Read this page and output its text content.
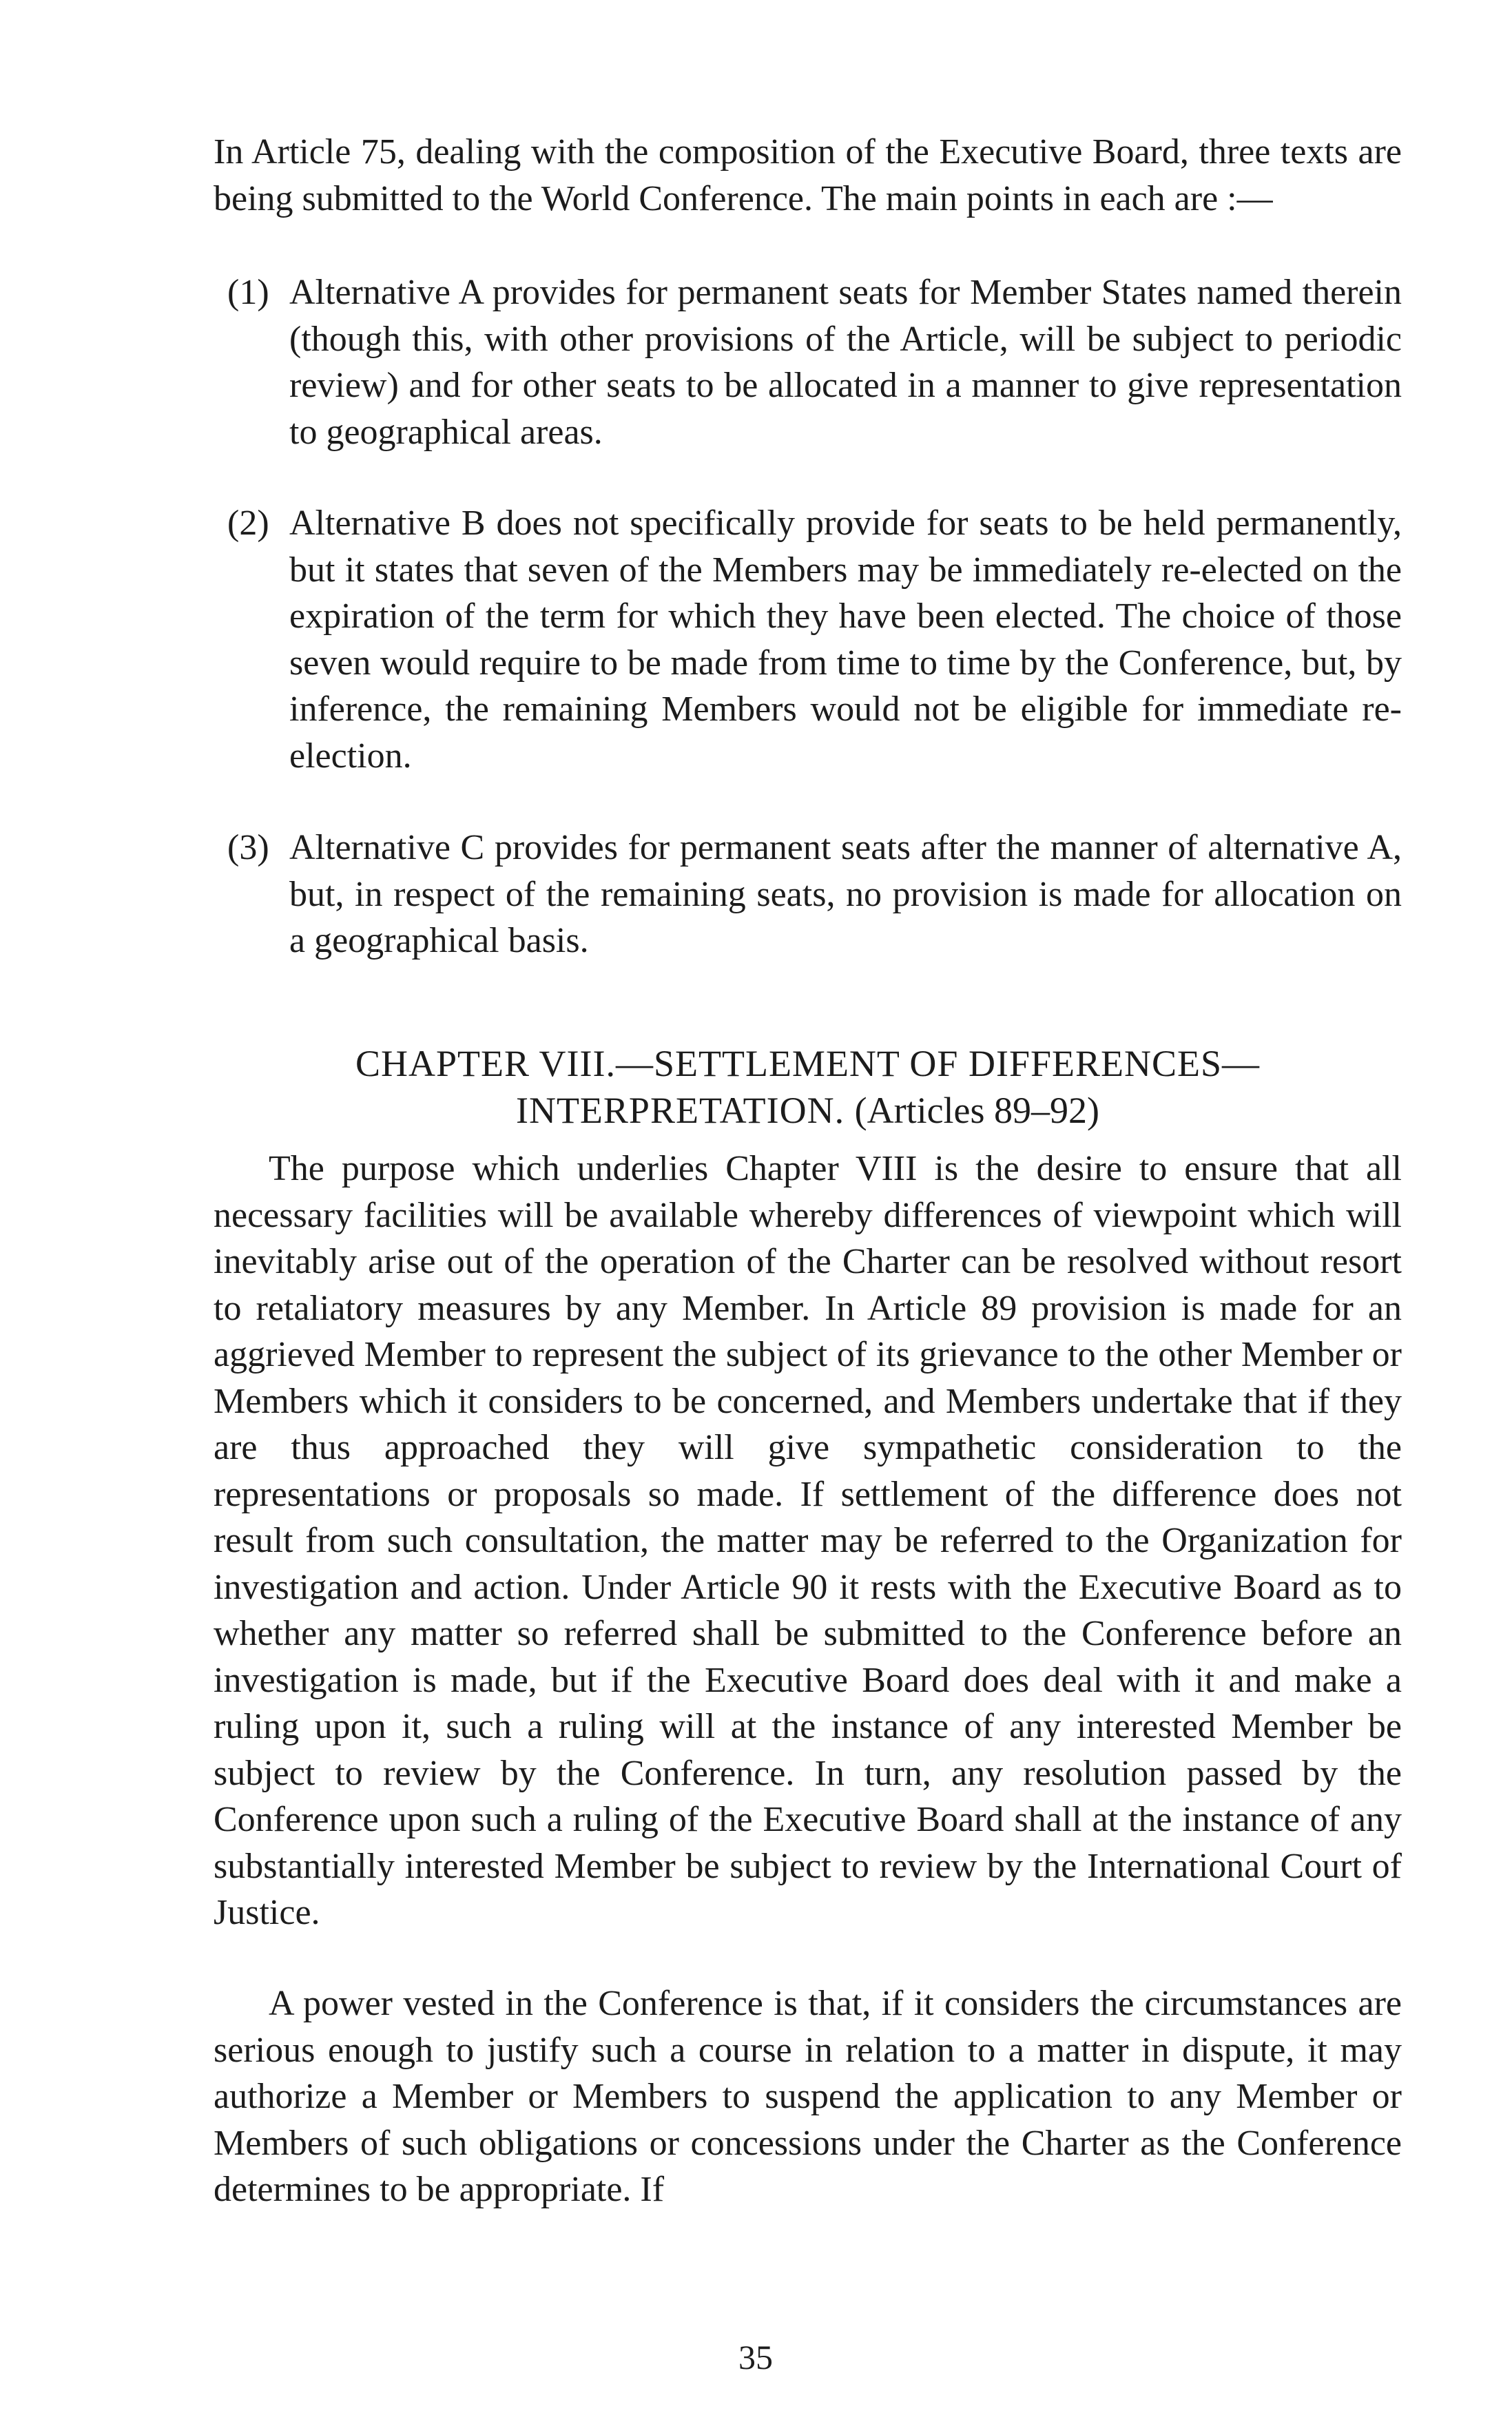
In Article 75, dealing with the composition of the Executive Board, three texts are being submitted to the World Conference. The main points in each are :—

(1) Alternative A provides for permanent seats for Member States named therein (though this, with other provisions of the Article, will be subject to periodic review) and for other seats to be allocated in a manner to give representation to geographical areas.
(2) Alternative B does not specifically provide for seats to be held permanently, but it states that seven of the Members may be immediately re-elected on the expiration of the term for which they have been elected. The choice of those seven would require to be made from time to time by the Conference, but, by inference, the remaining Members would not be eligible for immediate re-election.
(3) Alternative C provides for permanent seats after the manner of alternative A, but, in respect of the remaining seats, no provision is made for allocation on a geographical basis.
CHAPTER VIII.—SETTLEMENT OF DIFFERENCES—
INTERPRETATION. (Articles 89–92)

The purpose which underlies Chapter VIII is the desire to ensure that all necessary facilities will be available whereby differences of viewpoint which will inevitably arise out of the operation of the Charter can be resolved without resort to retaliatory measures by any Member. In Article 89 provision is made for an aggrieved Member to represent the subject of its grievance to the other Member or Members which it considers to be concerned, and Members undertake that if they are thus approached they will give sympathetic consideration to the representations or proposals so made. If settlement of the difference does not result from such consultation, the matter may be referred to the Organization for investigation and action. Under Article 90 it rests with the Executive Board as to whether any matter so referred shall be submitted to the Conference before an investigation is made, but if the Executive Board does deal with it and make a ruling upon it, such a ruling will at the instance of any interested Member be subject to review by the Conference. In turn, any resolution passed by the Conference upon such a ruling of the Executive Board shall at the instance of any substantially interested Member be subject to review by the International Court of Justice.

A power vested in the Conference is that, if it considers the circumstances are serious enough to justify such a course in relation to a matter in dispute, it may authorize a Member or Members to suspend the application to any Member or Members of such obligations or concessions under the Charter as the Conference determines to be appropriate. If

35
